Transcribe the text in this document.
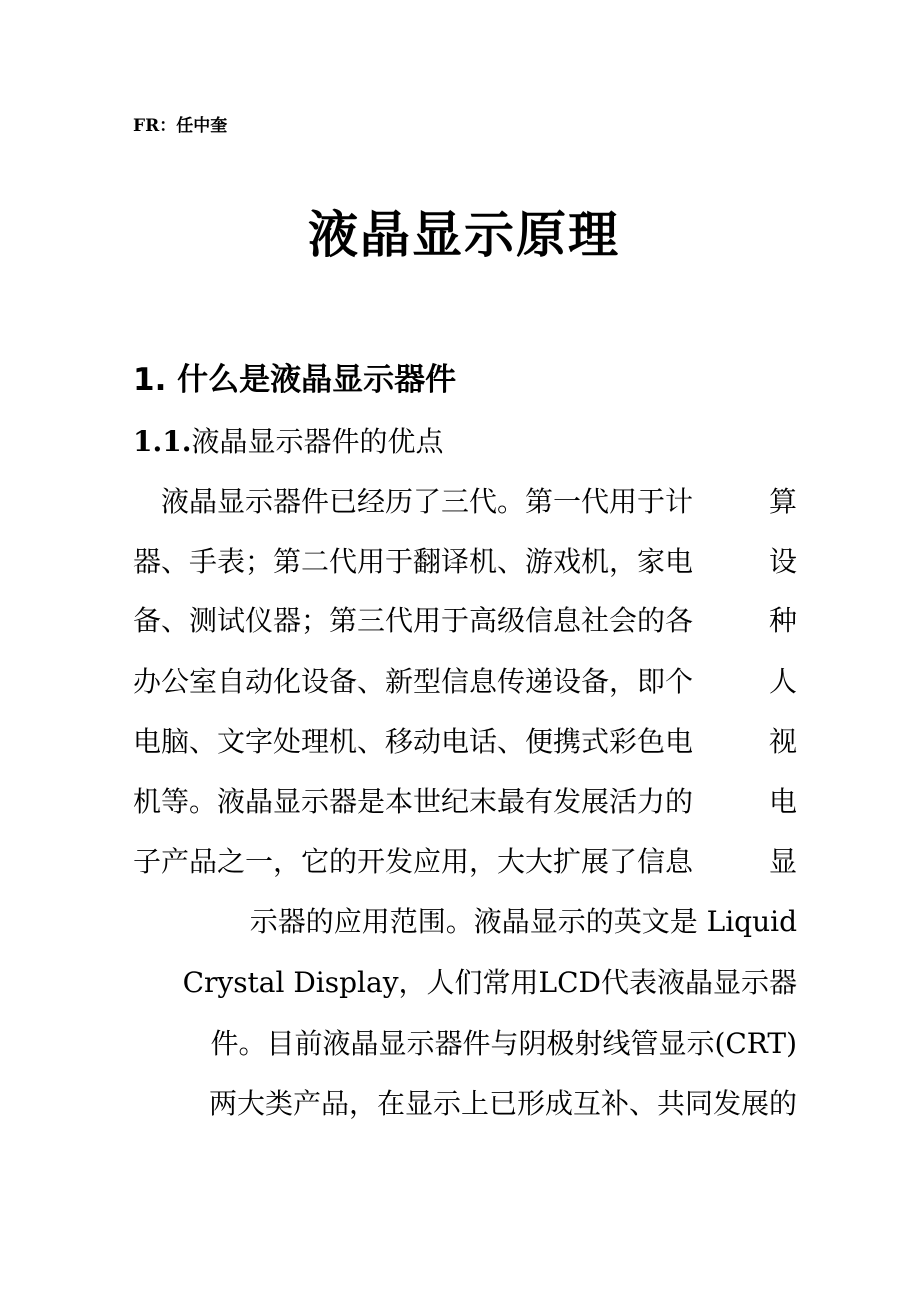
FR：任中奎
液晶显示原理
1. 什么是液晶显示器件
1.1.液晶显示器件的优点
　液晶显示器件已经历了三代。第一代用于计	算
器、手表；第二代用于翻译机、游戏机，家电	设
备、测试仪器；第三代用于高级信息社会的各	种
办公室自动化设备、新型信息传递设备，即个	人
电脑、文字处理机、移动电话、便携式彩色电	视
机等。液晶显示器是本世纪末最有发展活力的	电
子产品之一，它的开发应用，大大扩展了信息	显
示器的应用范围。液晶显示的英文是 Liquid
Crystal Display，人们常用LCD代表液晶显示器
件。目前液晶显示器件与阴极射线管显示(CRT)
两大类产品，在显示上已形成互补、共同发展的
